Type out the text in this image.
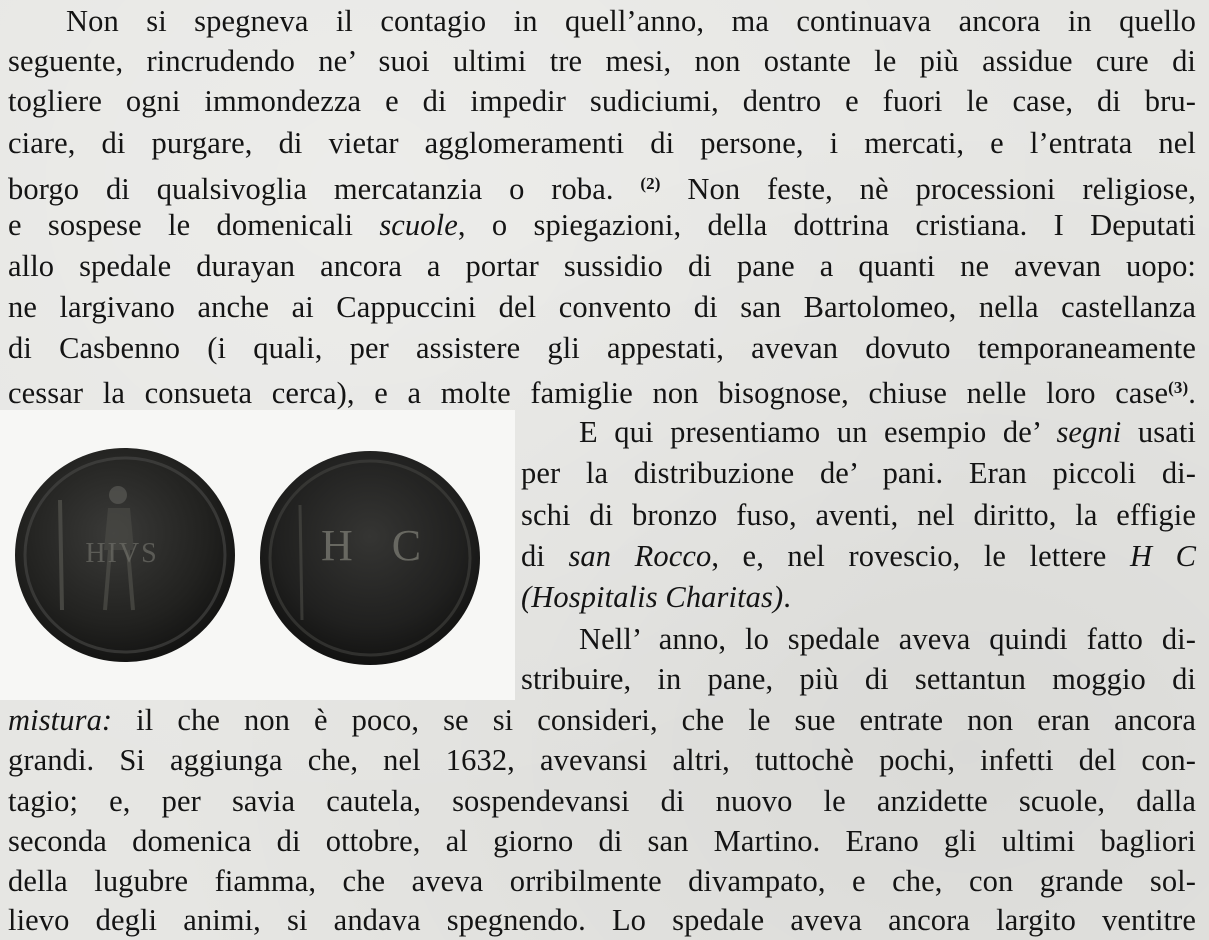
Non si spegneva il contagio in quell’anno, ma continuava ancora in quello
seguente, rincrudendo ne’ suoi ultimi tre mesi, non ostante le più assidue cure di
togliere ogni immondezza e di impedir sudiciumi, dentro e fuori le case, di bru-
ciare, di purgare, di vietar agglomeramenti di persone, i mercati, e l’entrata nel
borgo di qualsivoglia mercatanzia o roba. $^{(2)}$ Non feste, nè processioni religiose,
e sospese le domenicali scuole, o spiegazioni, della dottrina cristiana. I Deputati
allo spedale durayan ancora a portar sussidio di pane a quanti ne avevan uopo:
ne largivano anche ai Cappuccini del convento di san Bartolomeo, nella castellanza
di Casbenno (i quali, per assistere gli appestati, avevan dovuto temporaneamente
cessar la consueta cerca), e a molte famiglie non bisognose, chiuse nelle loro case$^{(3)}$.
HIVS	H C
E qui presentiamo un esempio de’ segni usati
per la distribuzione de’ pani. Eran piccoli di-
schi di bronzo fuso, aventi, nel diritto, la effigie
di san Rocco, e, nel rovescio, le lettere H C
(Hospitalis Charitas).
Nell’ anno, lo spedale aveva quindi fatto di-
stribuire, in pane, più di settantun moggio di
mistura: il che non è poco, se si consideri, che le sue entrate non eran ancora
grandi. Si aggiunga che, nel 1632, avevansi altri, tuttochè pochi, infetti del con-
tagio; e, per savia cautela, sospendevansi di nuovo le anzidette scuole, dalla
seconda domenica di ottobre, al giorno di san Martino. Erano gli ultimi bagliori
della lugubre fiamma, che aveva orribilmente divampato, e che, con grande sol-
lievo degli animi, si andava spegnendo. Lo spedale aveva ancora largito ventitre
